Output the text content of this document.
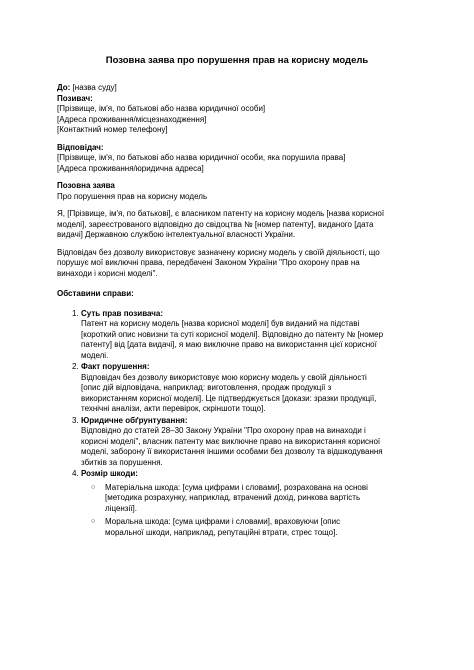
Позовна заява про порушення прав на корисну модель
До: [назва суду]
Позивач:
[Прізвище, ім'я, по батькові або назва юридичної особи]
[Адреса проживання/місцезнаходження]
[Контактний номер телефону]
Відповідач:
[Прізвище, ім'я, по батькові або назва юридичної особи, яка порушила права]
[Адреса проживання/юридична адреса]
Позовна заява
Про порушення прав на корисну модель
Я, [Прізвище, ім'я, по батькові], є власником патенту на корисну модель [назва корисної
моделі], зареєстрованого відповідно до свідоцтва № [номер патенту], виданого [дата
видачі] Державною службою інтелектуальної власності України.
Відповідач без дозволу використовує зазначену корисну модель у своїй діяльності, що
порушує мої виключні права, передбачені Законом України "Про охорону прав на
винаходи і корисні моделі".
Обставини справи:
1. Суть прав позивача:
Патент на корисну модель [назва корисної моделі] був виданий на підставі
[короткий опис новизни та суті корисної моделі]. Відповідно до патенту № [номер
патенту] від [дата видачі], я маю виключне право на використання цієї корисної
моделі.
2. Факт порушення:
Відповідач без дозволу використовує мою корисну модель у своїй діяльності
[опис дій відповідача, наприклад: виготовлення, продаж продукції з
використанням корисної моделі]. Це підтверджується [докази: зразки продукції,
технічні аналізи, акти перевірок, скріншоти тощо].
3. Юридичне обґрунтування:
Відповідно до статей 28–30 Закону України "Про охорону прав на винаходи і
корисні моделі", власник патенту має виключне право на використання корисної
моделі, заборону її використання іншими особами без дозволу та відшкодування
збитків за порушення.
4. Розмір шкоди:
○ Матеріальна шкода: [сума цифрами і словами], розрахована на основі
[методика розрахунку, наприклад, втрачений дохід, ринкова вартість
ліцензії].
○ Моральна шкода: [сума цифрами і словами], враховуючи [опис
моральної шкоди, наприклад, репутаційні втрати, стрес тощо].
